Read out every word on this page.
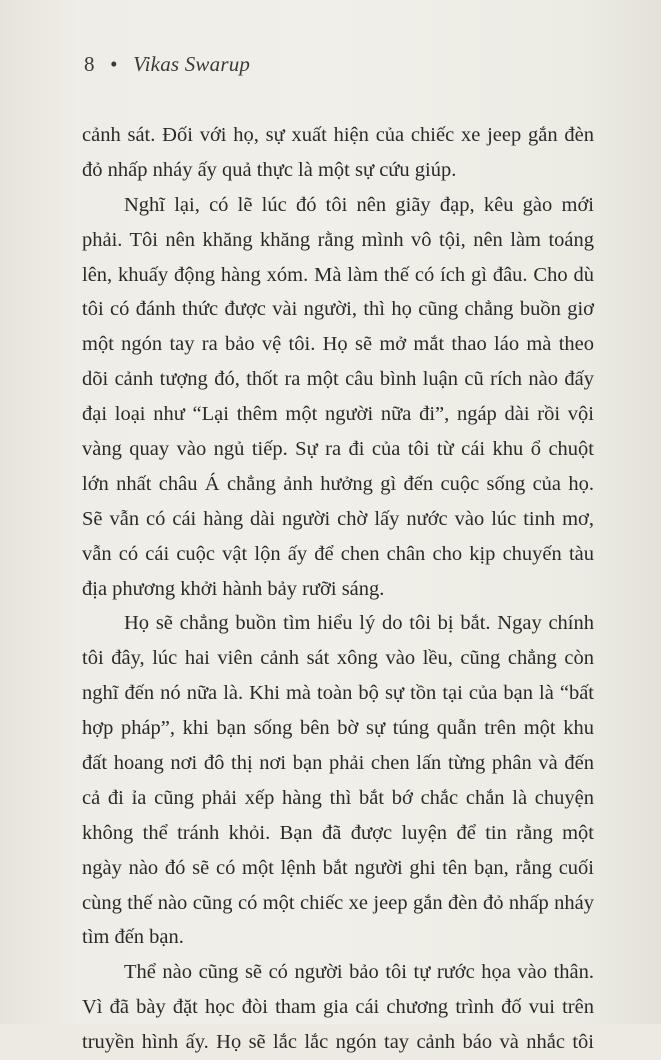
8 • Vikas Swarup
cảnh sát. Đối với họ, sự xuất hiện của chiếc xe jeep gắn đèn
đỏ nhấp nháy ấy quả thực là một sự cứu giúp.
Nghĩ lại, có lẽ lúc đó tôi nên giãy đạp, kêu gào mới
phải. Tôi nên khăng khăng rằng mình vô tội, nên làm toáng
lên, khuấy động hàng xóm. Mà làm thế có ích gì đâu. Cho dù
tôi có đánh thức được vài người, thì họ cũng chẳng buồn giơ
một ngón tay ra bảo vệ tôi. Họ sẽ mở mắt thao láo mà theo
dõi cảnh tượng đó, thốt ra một câu bình luận cũ rích nào đấy
đại loại như “Lại thêm một người nữa đi”, ngáp dài rồi vội
vàng quay vào ngủ tiếp. Sự ra đi của tôi từ cái khu ổ chuột
lớn nhất châu Á chẳng ảnh hưởng gì đến cuộc sống của họ.
Sẽ vẫn có cái hàng dài người chờ lấy nước vào lúc tinh mơ,
vẫn có cái cuộc vật lộn ấy để chen chân cho kịp chuyến tàu
địa phương khởi hành bảy rưỡi sáng.
Họ sẽ chẳng buồn tìm hiểu lý do tôi bị bắt. Ngay chính
tôi đây, lúc hai viên cảnh sát xông vào lều, cũng chẳng còn
nghĩ đến nó nữa là. Khi mà toàn bộ sự tồn tại của bạn là “bất
hợp pháp”, khi bạn sống bên bờ sự túng quẫn trên một khu
đất hoang nơi đô thị nơi bạn phải chen lấn từng phân và đến
cả đi ỉa cũng phải xếp hàng thì bắt bớ chắc chắn là chuyện
không thể tránh khỏi. Bạn đã được luyện để tin rằng một
ngày nào đó sẽ có một lệnh bắt người ghi tên bạn, rằng cuối
cùng thế nào cũng có một chiếc xe jeep gắn đèn đỏ nhấp nháy
tìm đến bạn.
Thể nào cũng sẽ có người bảo tôi tự rước họa vào thân.
Vì đã bày đặt học đòi tham gia cái chương trình đố vui trên
truyền hình ấy. Họ sẽ lắc lắc ngón tay cảnh báo và nhắc tôi
